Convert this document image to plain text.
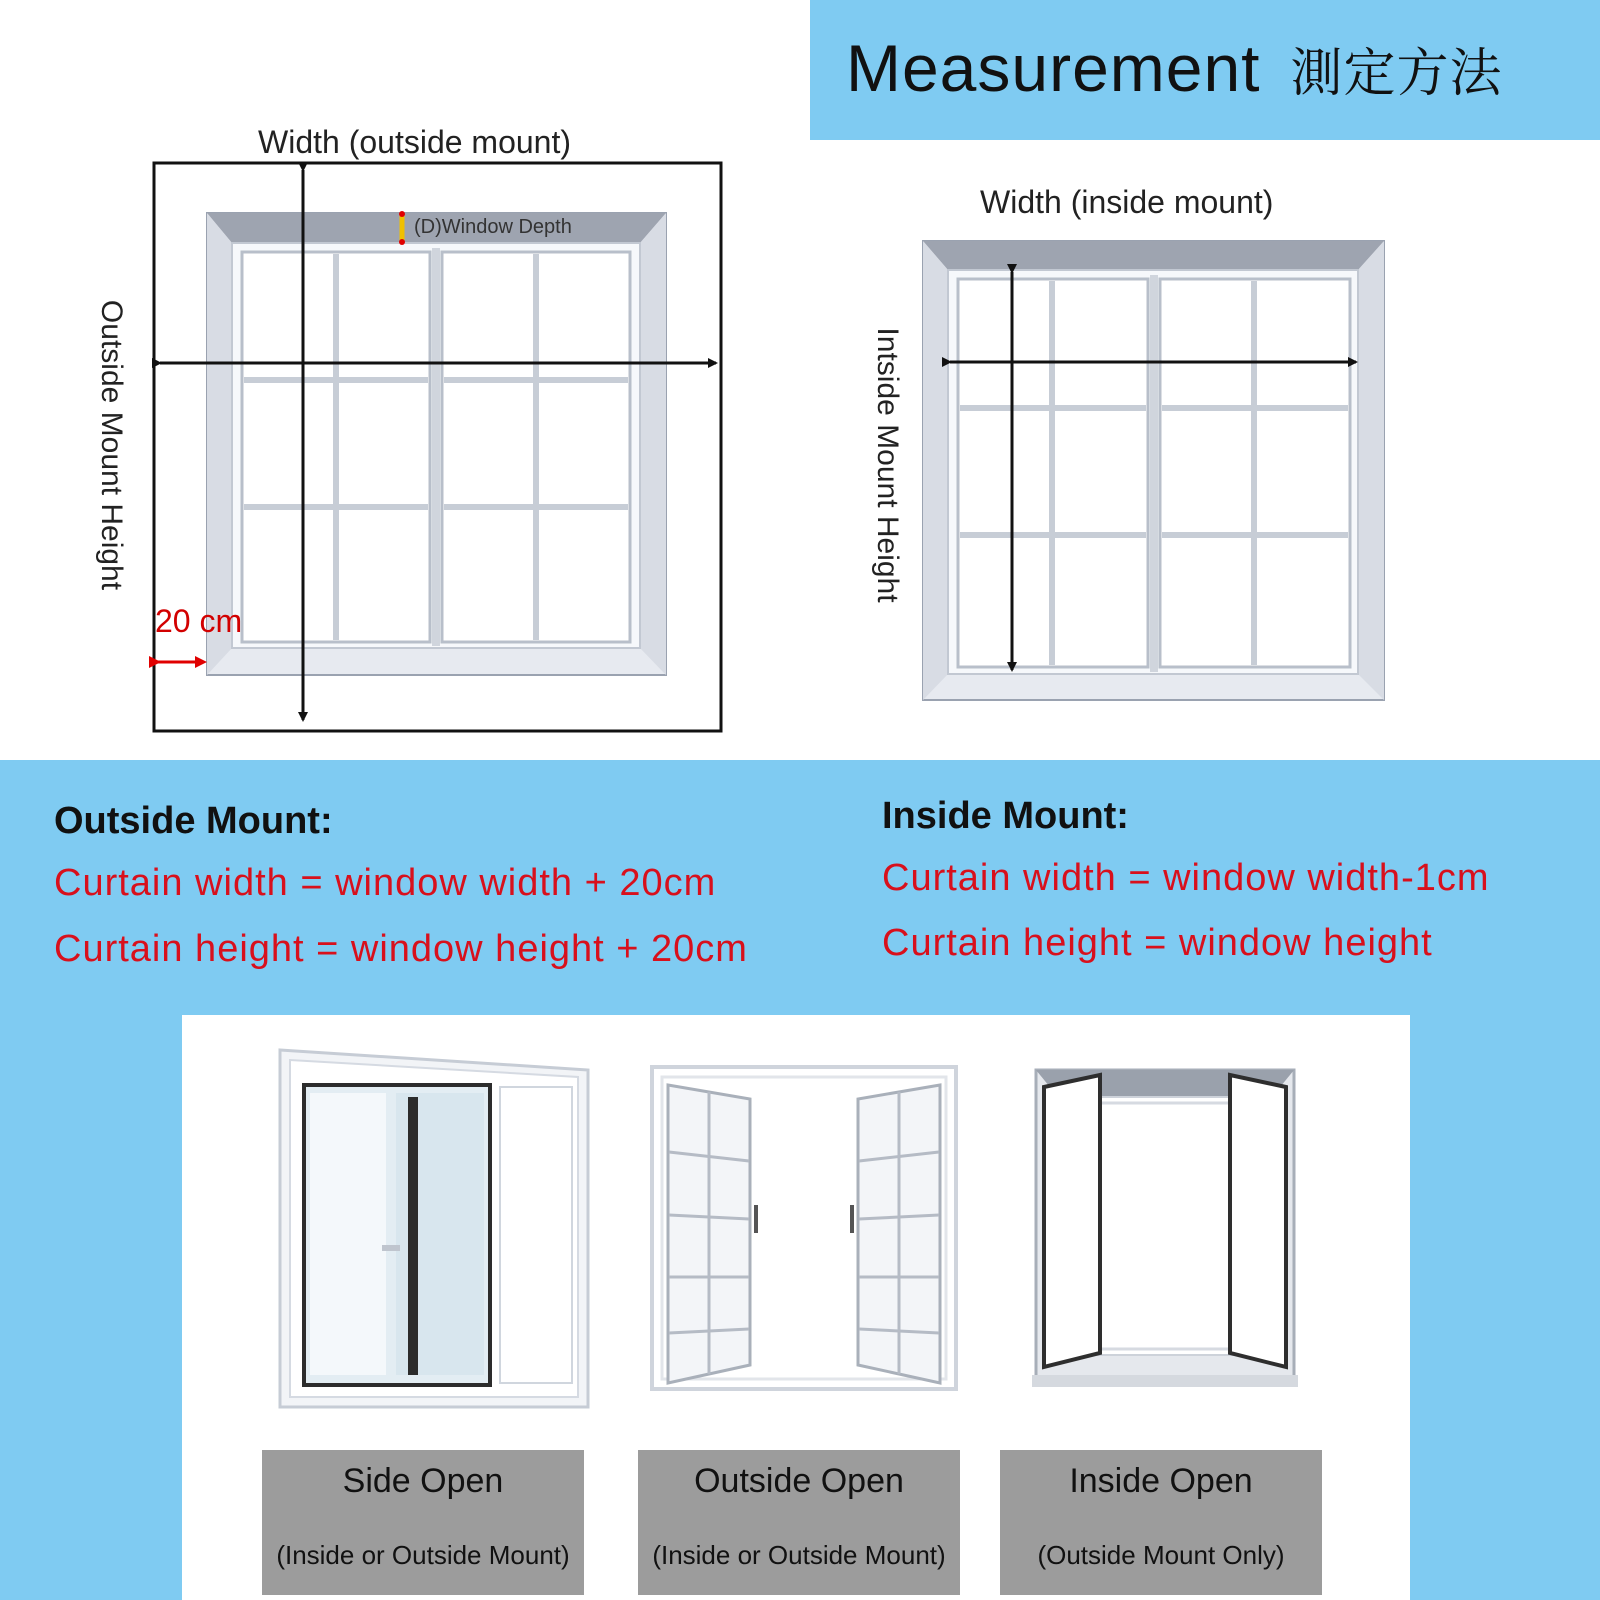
Measurement 測定方法
Width (outside mount)
(D)Window Depth
Outside Mount Height
20 cm
Width (inside mount)
Intside Mount Height
Outside Mount:
Curtain width = window width + 20cm
Curtain height = window height + 20cm
Inside Mount:
Curtain width = window width-1cm
Curtain height = window height
Side Open
(Inside or Outside Mount)
Outside Open
(Inside or Outside Mount)
Inside Open
(Outside Mount Only)
